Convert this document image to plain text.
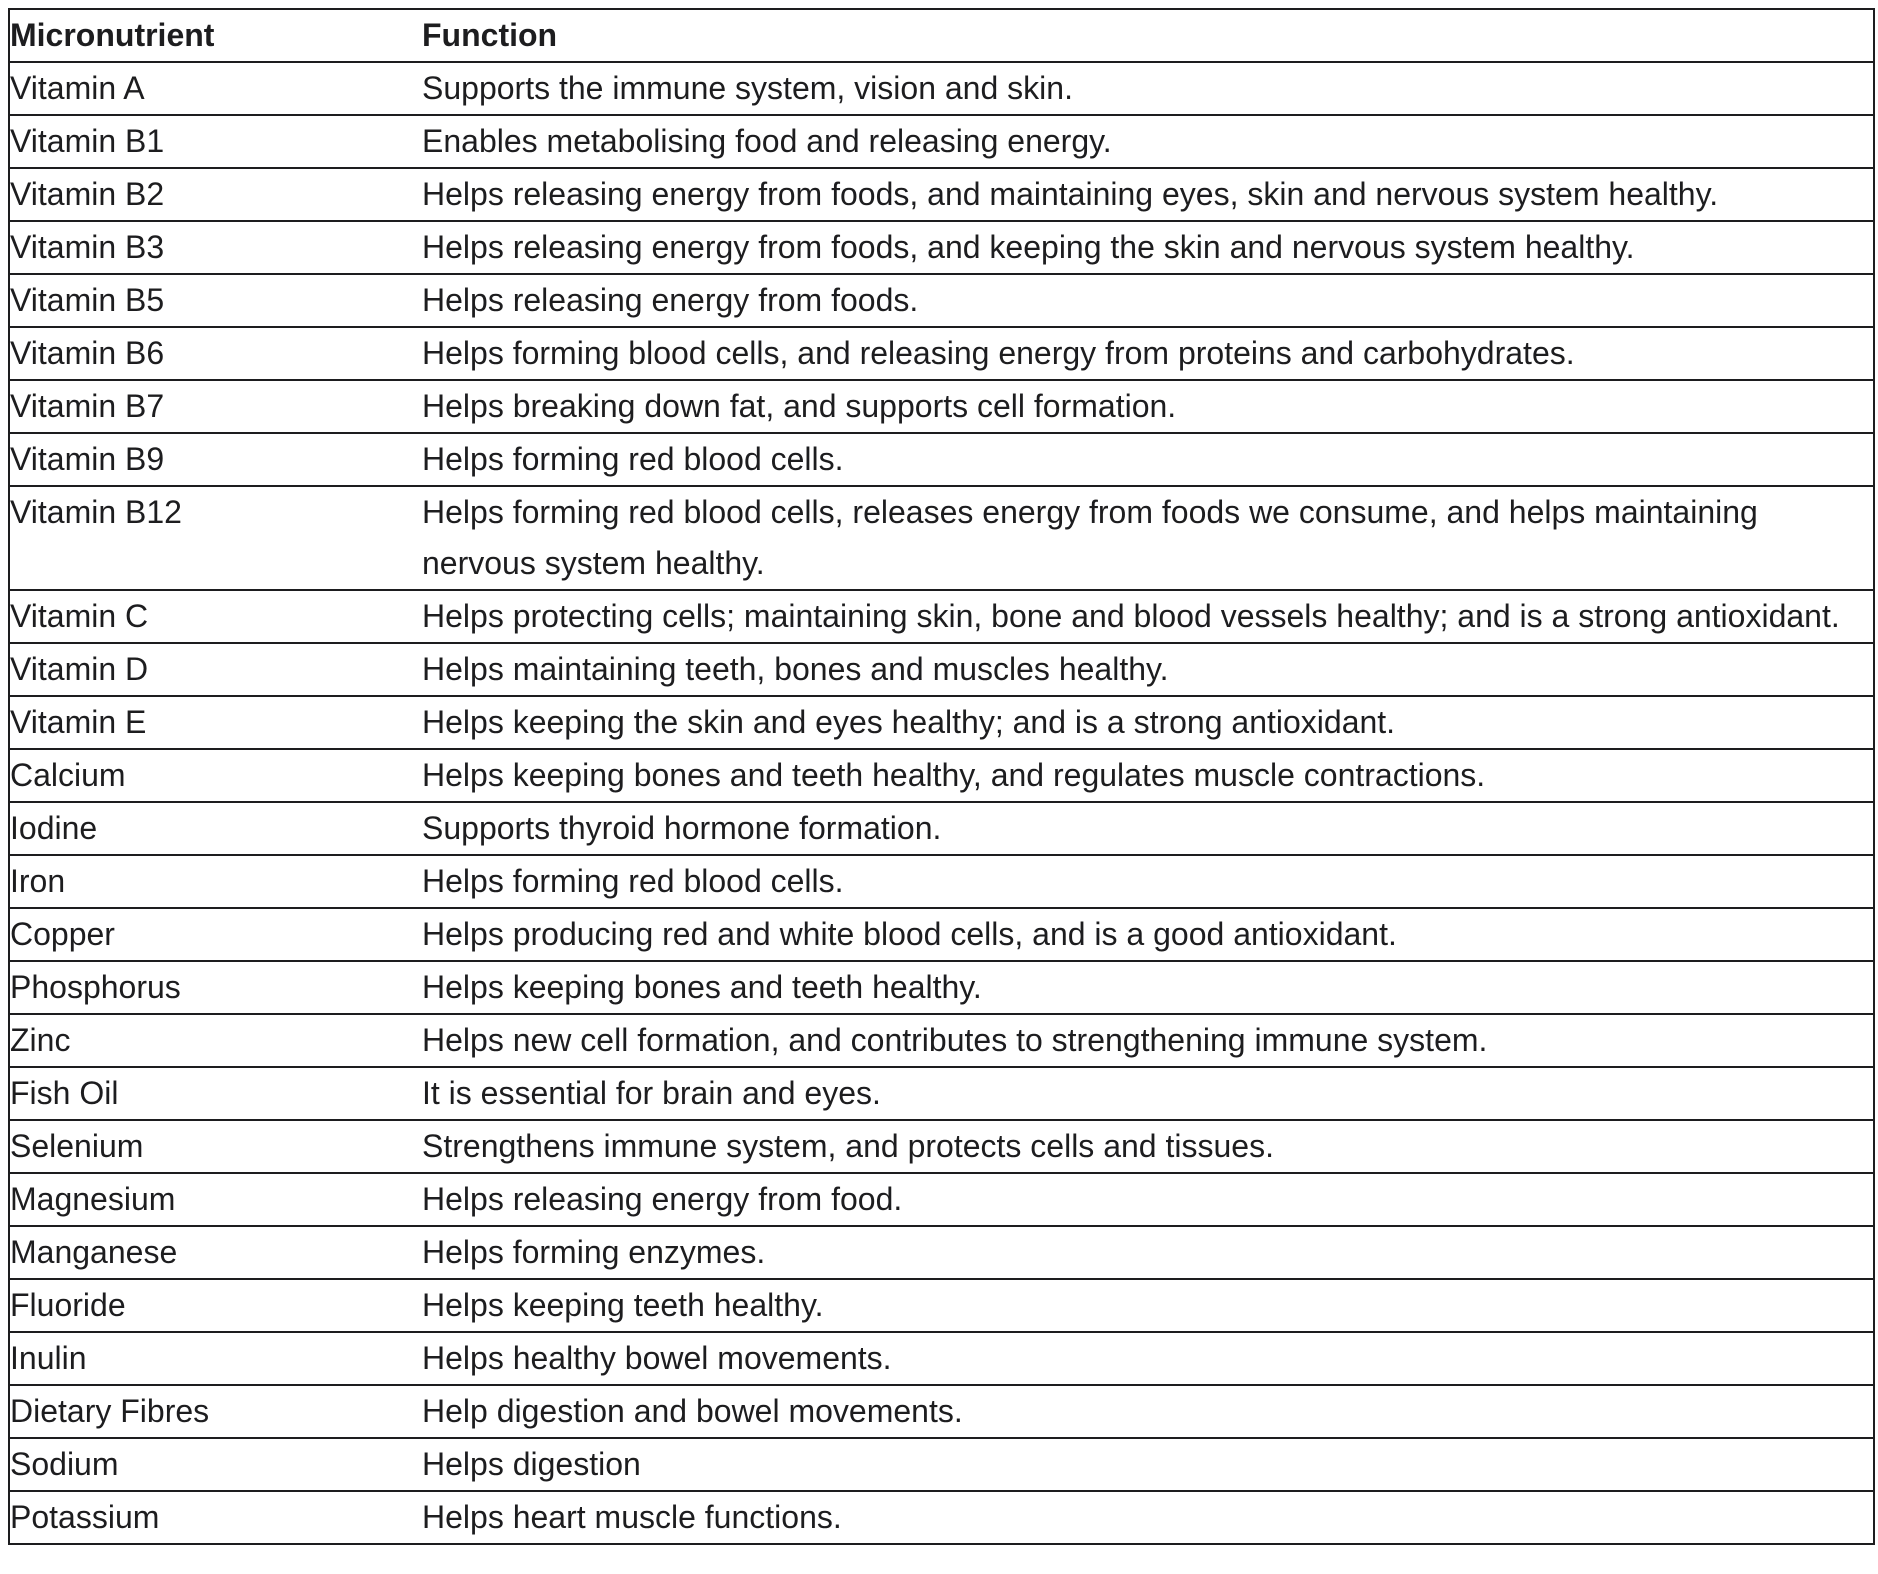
Micronutrient	Function
Vitamin A	Supports the immune system, vision and skin.
Vitamin B1	Enables metabolising food and releasing energy.
Vitamin B2	Helps releasing energy from foods, and maintaining eyes, skin and nervous system healthy.
Vitamin B3	Helps releasing energy from foods, and keeping the skin and nervous system healthy.
Vitamin B5	Helps releasing energy from foods.
Vitamin B6	Helps forming blood cells, and releasing energy from proteins and carbohydrates.
Vitamin B7	Helps breaking down fat, and supports cell formation.
Vitamin B9	Helps forming red blood cells.
Vitamin B12	Helps forming red blood cells, releases energy from foods we consume, and helps maintaining nervous system healthy.
Vitamin C	Helps protecting cells; maintaining skin, bone and blood vessels healthy; and is a strong antioxidant.
Vitamin D	Helps maintaining teeth, bones and muscles healthy.
Vitamin E	Helps keeping the skin and eyes healthy; and is a strong antioxidant.
Calcium	Helps keeping bones and teeth healthy, and regulates muscle contractions.
Iodine	Supports thyroid hormone formation.
Iron	Helps forming red blood cells.
Copper	Helps producing red and white blood cells, and is a good antioxidant.
Phosphorus	Helps keeping bones and teeth healthy.
Zinc	Helps new cell formation, and contributes to strengthening immune system.
Fish Oil	It is essential for brain and eyes.
Selenium	Strengthens immune system, and protects cells and tissues.
Magnesium	Helps releasing energy from food.
Manganese	Helps forming enzymes.
Fluoride	Helps keeping teeth healthy.
Inulin	Helps healthy bowel movements.
Dietary Fibres	Help digestion and bowel movements.
Sodium	Helps digestion
Potassium	Helps heart muscle functions.
